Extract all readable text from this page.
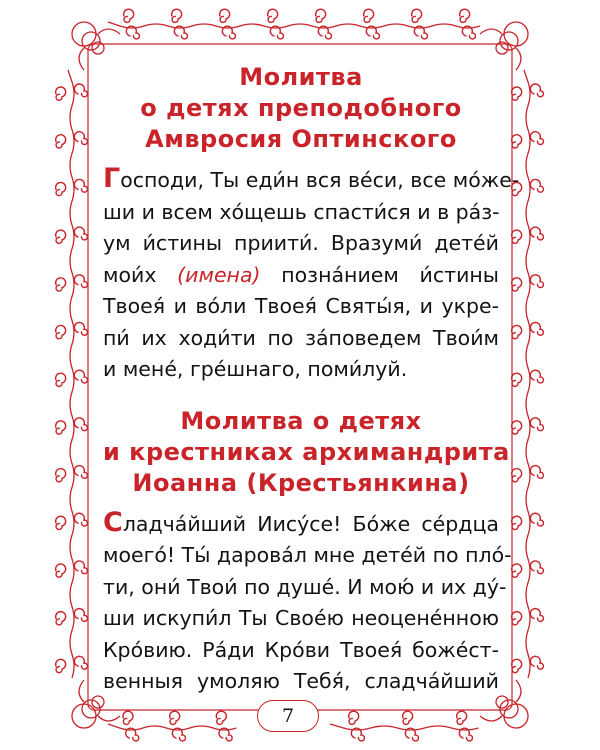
Молитва
о детях преподобного
Амвросия Оптинского

Господи, Ты еди́н вся ве́си, все мо́же-
ши и всем хо́щешь спасти́ся и в ра́з-
ум и́стины приити́. Вразуми́ дете́й
мои́х (имена) позна́нием и́стины
Твоея́ и во́ли Твоея́ Святы́я, и укре-
пи́ их ходи́ти по за́поведем Твои́м
и мене́, гре́шнаго, поми́луй.

Молитва о детях
и крестниках архимандрита
Иоанна (Крестьянкина)

Сладча́йший Иису́се! Бо́же се́рдца
моего́! Ты́ дарова́л мне дете́й по пло́-
ти, они́ Твои́ по душе́. И мою́ и их ду́-
ши искупи́л Ты Свое́ю неоцене́нною
Кро́вию. Ра́ди Кро́ви Твоея́ боже́ст-
венныя умоляю Тебя́, сладча́йший

7
